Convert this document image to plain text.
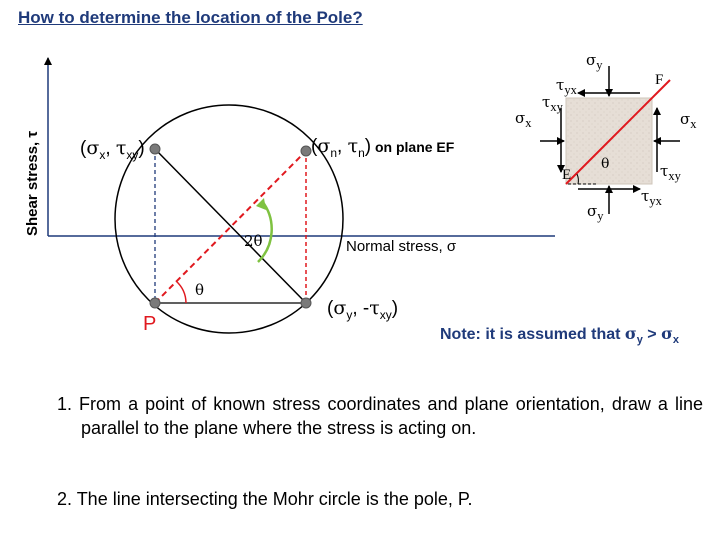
How to determine the location of the Pole?
Shear stress, τ
Normal stress, σ
($\sigma_x$, $\tau_{xy}$)	($\sigma_n$, $\tau_n$) on plane EF
($\sigma_y$, $-\tau_{xy}$)
2θ
θ
P
$\sigma_y$
$\sigma_y$
$\sigma_x$	$\sigma_x$
$\tau_{yx}$
$\tau_{xy}$
$\tau_{xy}$
$\tau_{yx}$
F
E
θ
Note: it is assumed that $\sigma_y > \sigma_x$
1. From a point of known stress coordinates and plane orientation, draw a line parallel to the plane where the stress is acting on.
2. The line intersecting the Mohr circle is the pole, P.
